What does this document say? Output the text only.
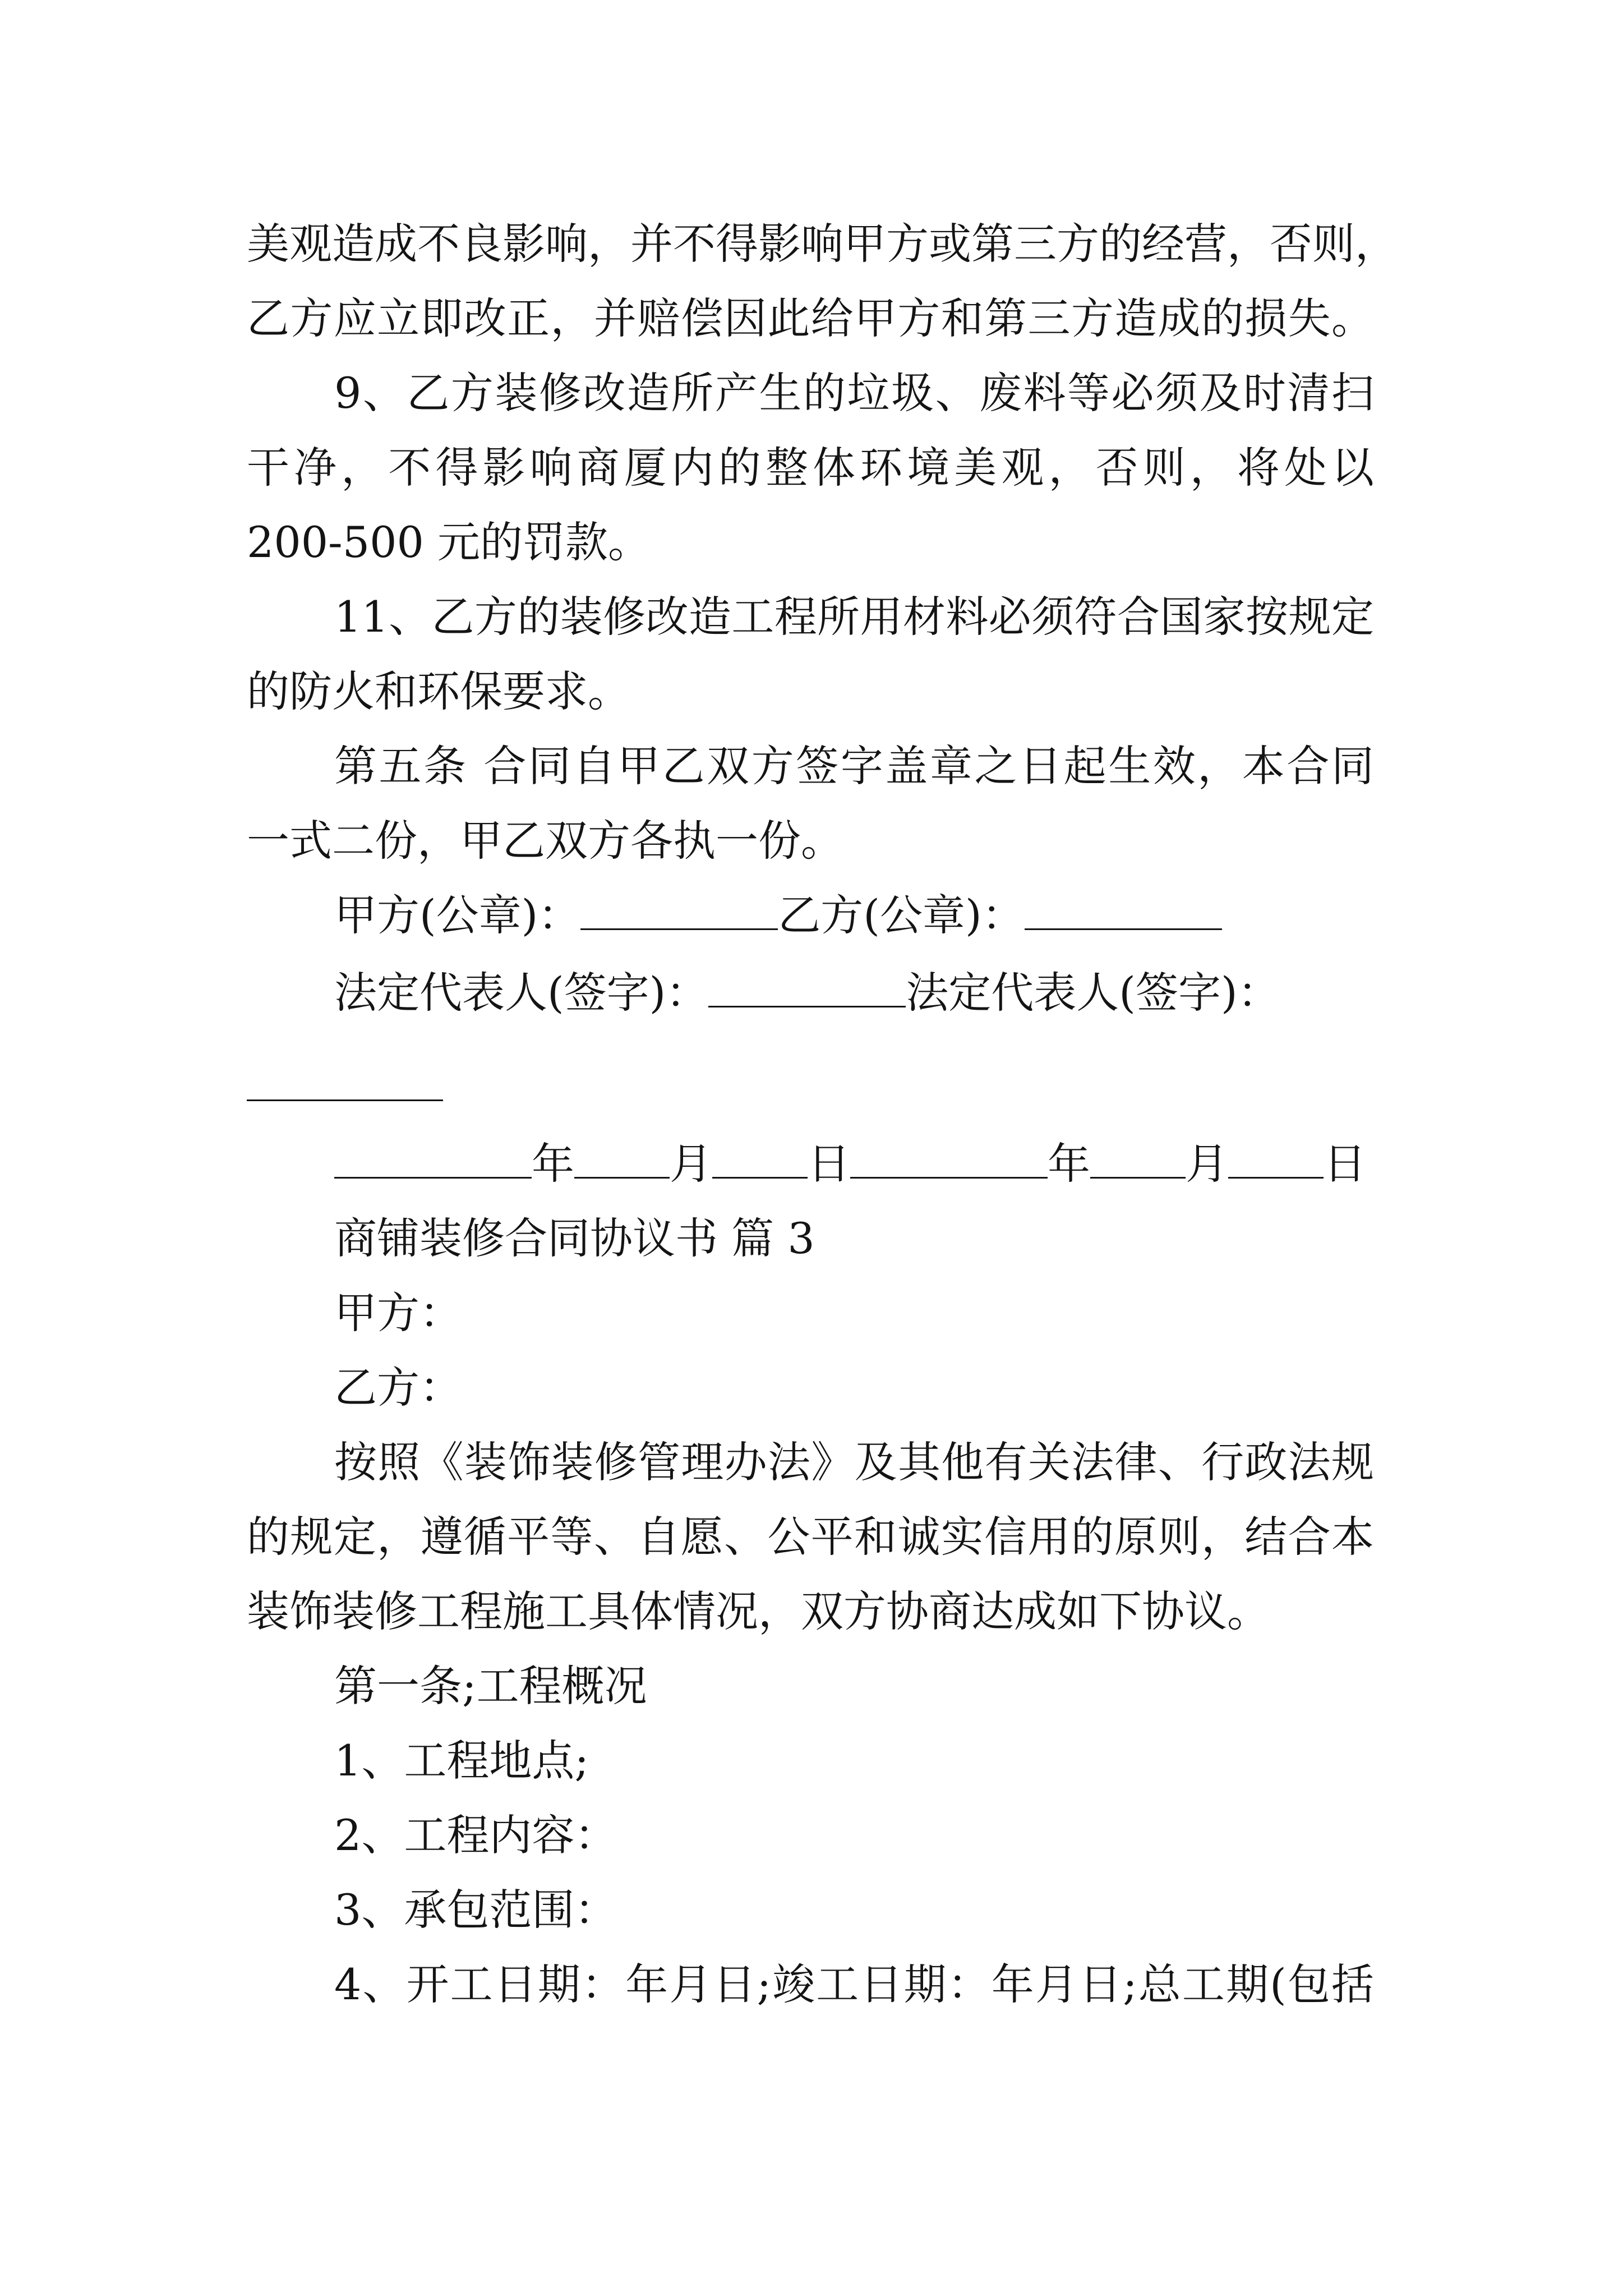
美观造成不良影响，并不得影响甲方或第三方的经营，否则，
乙方应立即改正，并赔偿因此给甲方和第三方造成的损失。
9、乙方装修改造所产生的垃圾、废料等必须及时清扫
干净，不得影响商厦内的整体环境美观，否则，将处以
200-500 元的罚款。
11、乙方的装修改造工程所用材料必须符合国家按规定
的防火和环保要求。
第五条 合同自甲乙双方签字盖章之日起生效，本合同
一式二份，甲乙双方各执一份。
甲方(公章)：	乙方(公章)：
法定代表人(签字)：	法定代表人(签字)：
年 月 日	年 月 日
商铺装修合同协议书 篇 3
甲方：
乙方：
按照《装饰装修管理办法》及其他有关法律、行政法规
的规定，遵循平等、自愿、公平和诚实信用的原则，结合本
装饰装修工程施工具体情况，双方协商达成如下协议。
第一条;工程概况
1、工程地点;
2、工程内容：
3、承包范围：
4、开工日期：年月日;竣工日期：年月日;总工期(包括
